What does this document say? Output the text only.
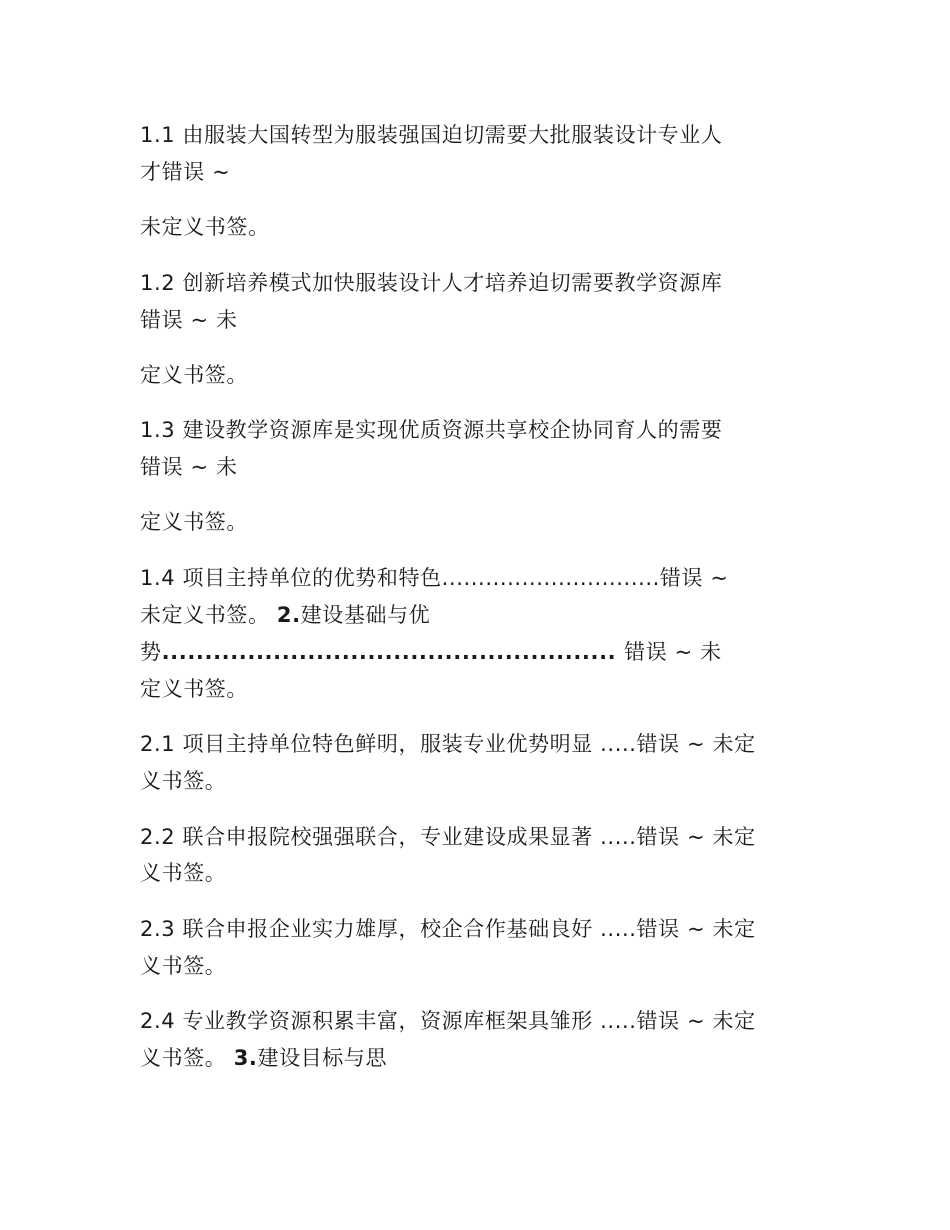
1.1 由服装大国转型为服装强国迫切需要大批服装设计专业人
才错误 ~
未定义书签。
1.2 创新培养模式加快服装设计人才培养迫切需要教学资源库
错误 ~ 未
定义书签。
1.3 建设教学资源库是实现优质资源共享校企协同育人的需要
错误 ~ 未
定义书签。
1.4 项目主持单位的优势和特色..............................错误 ~
未定义书签。 2.建设基础与优
势..................................................... 错误 ~ 未
定义书签。
2.1 项目主持单位特色鲜明，服装专业优势明显 .....错误 ~ 未定
义书签。
2.2 联合申报院校强强联合，专业建设成果显著 .....错误 ~ 未定
义书签。
2.3 联合申报企业实力雄厚，校企合作基础良好 .....错误 ~ 未定
义书签。
2.4 专业教学资源积累丰富，资源库框架具雏形 .....错误 ~ 未定
义书签。 3.建设目标与思
